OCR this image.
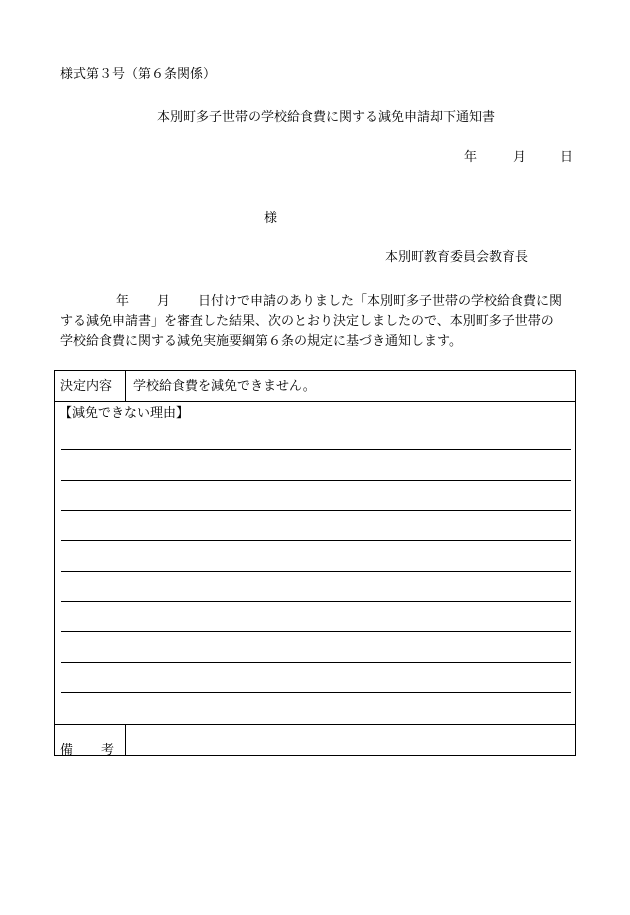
様式第３号（第６条関係）
本別町多子世帯の学校給食費に関する減免申請却下通知書
年	月	日
様
本別町教育委員会教育長
年 月 日付けで申請のありました「本別町多子世帯の学校給食費に関
する減免申請書」を審査した結果、次のとおり決定しましたので、本別町多子世帯の
学校給食費に関する減免実施要綱第６条の規定に基づき通知します。
決定内容 学校給食費を減免できません。
【減免できない理由】
備 考
